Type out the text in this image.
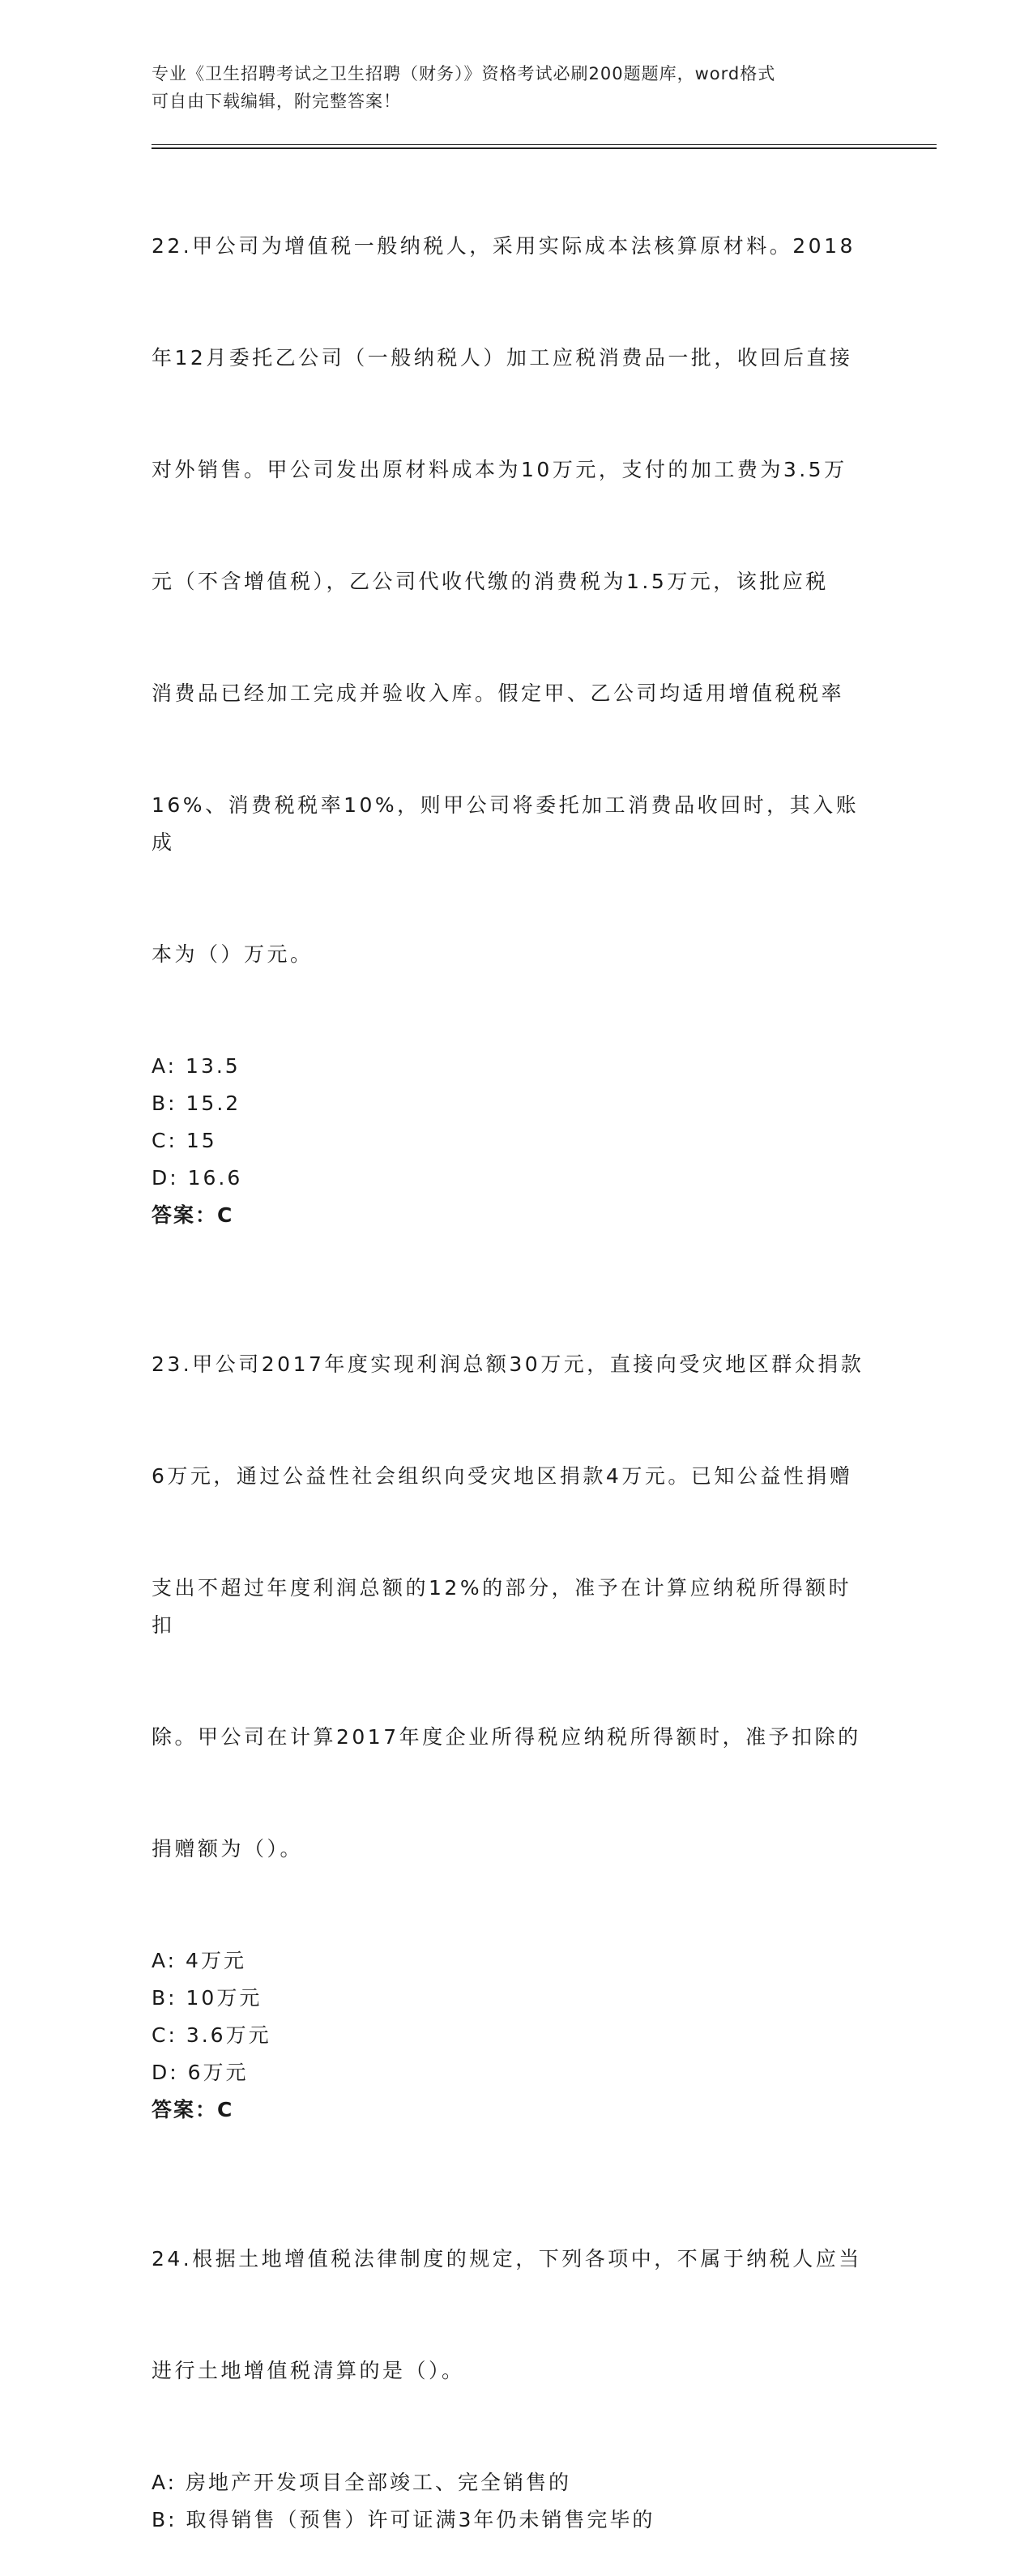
专业《卫生招聘考试之卫生招聘（财务）》资格考试必刷200题题库，word格式
可自由下载编辑，附完整答案！

22.甲公司为增值税一般纳税人，采用实际成本法核算原材料。2018

年12月委托乙公司（一般纳税人）加工应税消费品一批，收回后直接

对外销售。甲公司发出原材料成本为10万元，支付的加工费为3.5万

元（不含增值税），乙公司代收代缴的消费税为1.5万元，该批应税

消费品已经加工完成并验收入库。假定甲、乙公司均适用增值税税率

16%、消费税税率10%，则甲公司将委托加工消费品收回时，其入账成

本为（）万元。

A: 13.5
B: 15.2
C: 15
D: 16.6
答案：C

23.甲公司2017年度实现利润总额30万元，直接向受灾地区群众捐款

6万元，通过公益性社会组织向受灾地区捐款4万元。已知公益性捐赠

支出不超过年度利润总额的12%的部分，准予在计算应纳税所得额时扣

除。甲公司在计算2017年度企业所得税应纳税所得额时，准予扣除的

捐赠额为（）。

A: 4万元
B: 10万元
C: 3.6万元
D: 6万元
答案：C

24.根据土地增值税法律制度的规定，下列各项中，不属于纳税人应当

进行土地增值税清算的是（）。

A: 房地产开发项目全部竣工、完全销售的
B: 取得销售（预售）许可证满3年仍未销售完毕的
